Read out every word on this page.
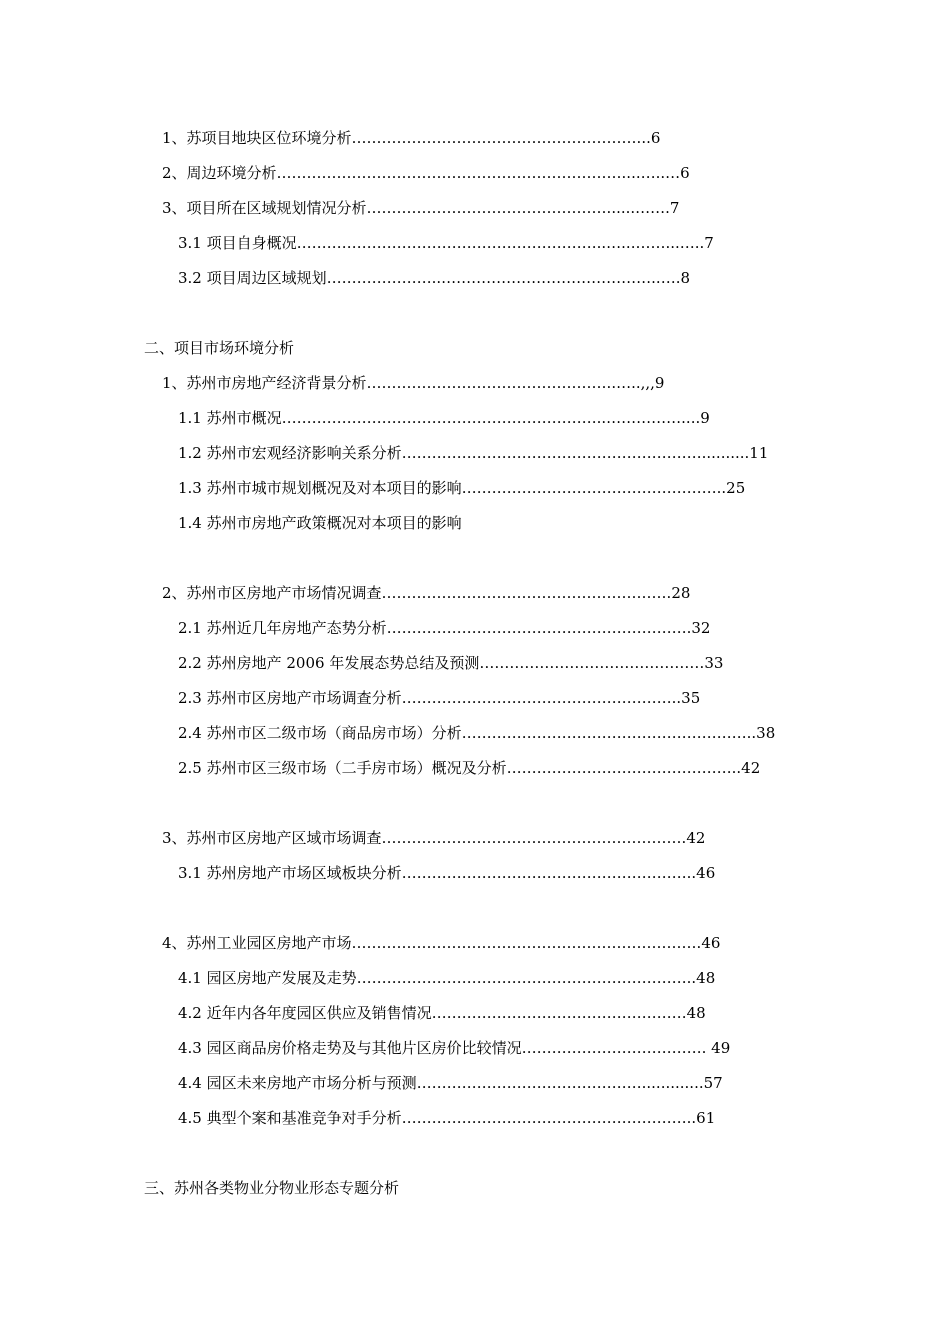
1、苏项目地块区位环境分析…………………………………………………...6
2、周边环境分析……………………………………………………………....…..…6
3、项目所在区域规划情况分析…………………………………………......…….7
3.1 项目自身概况……………………………………………………..…...……...…..7
3.2 项目周边区域规划…………………..……………………………………..….8
二、项目市场环境分析
1、苏州市房地产经济背景分析…………………………………………..…..,,,9
1.1 苏州市概况………………………………………………………..……………....9
1.2 苏州市宏观经济影响关系分析……………………………………………………..........11
1.3 苏州市城市规划概况及对本项目的影响……………………………………………..25
1.4 苏州市房地产政策概况对本项目的影响
2、苏州市区房地产市场情况调查………………………………………………….28
2.1 苏州近几年房地产态势分析…………………………………………………….32
2.2 苏州房地产 2006 年发展态势总结及预测………………………………………33
2.3 苏州市区房地产市场调查分析………………………………………………..35
2.4 苏州市区二级市场（商品房市场）分析…………………………………………………..38
2.5 苏州市区三级市场（二手房市场）概况及分析………………………………………..42
3、苏州市区房地产区域市场调查…………………………………………………….42
3.1 苏州房地产市场区域板块分析…………………………………………………..46
4、苏州工业园区房地产市场…………………………………………………………….46
4.1 园区房地产发展及走势…………………………………………………………..48
4.2 近年内各年度园区供应及销售情况……………………………………………48
4.3 园区商品房价格走势及与其他片区房价比较情况………………………………. 49
4.4 园区未来房地产市场分析与预测……………………………………….............57
4.5 典型个案和基准竞争对手分析…………………………………………………..61
三、苏州各类物业分物业形态专题分析
